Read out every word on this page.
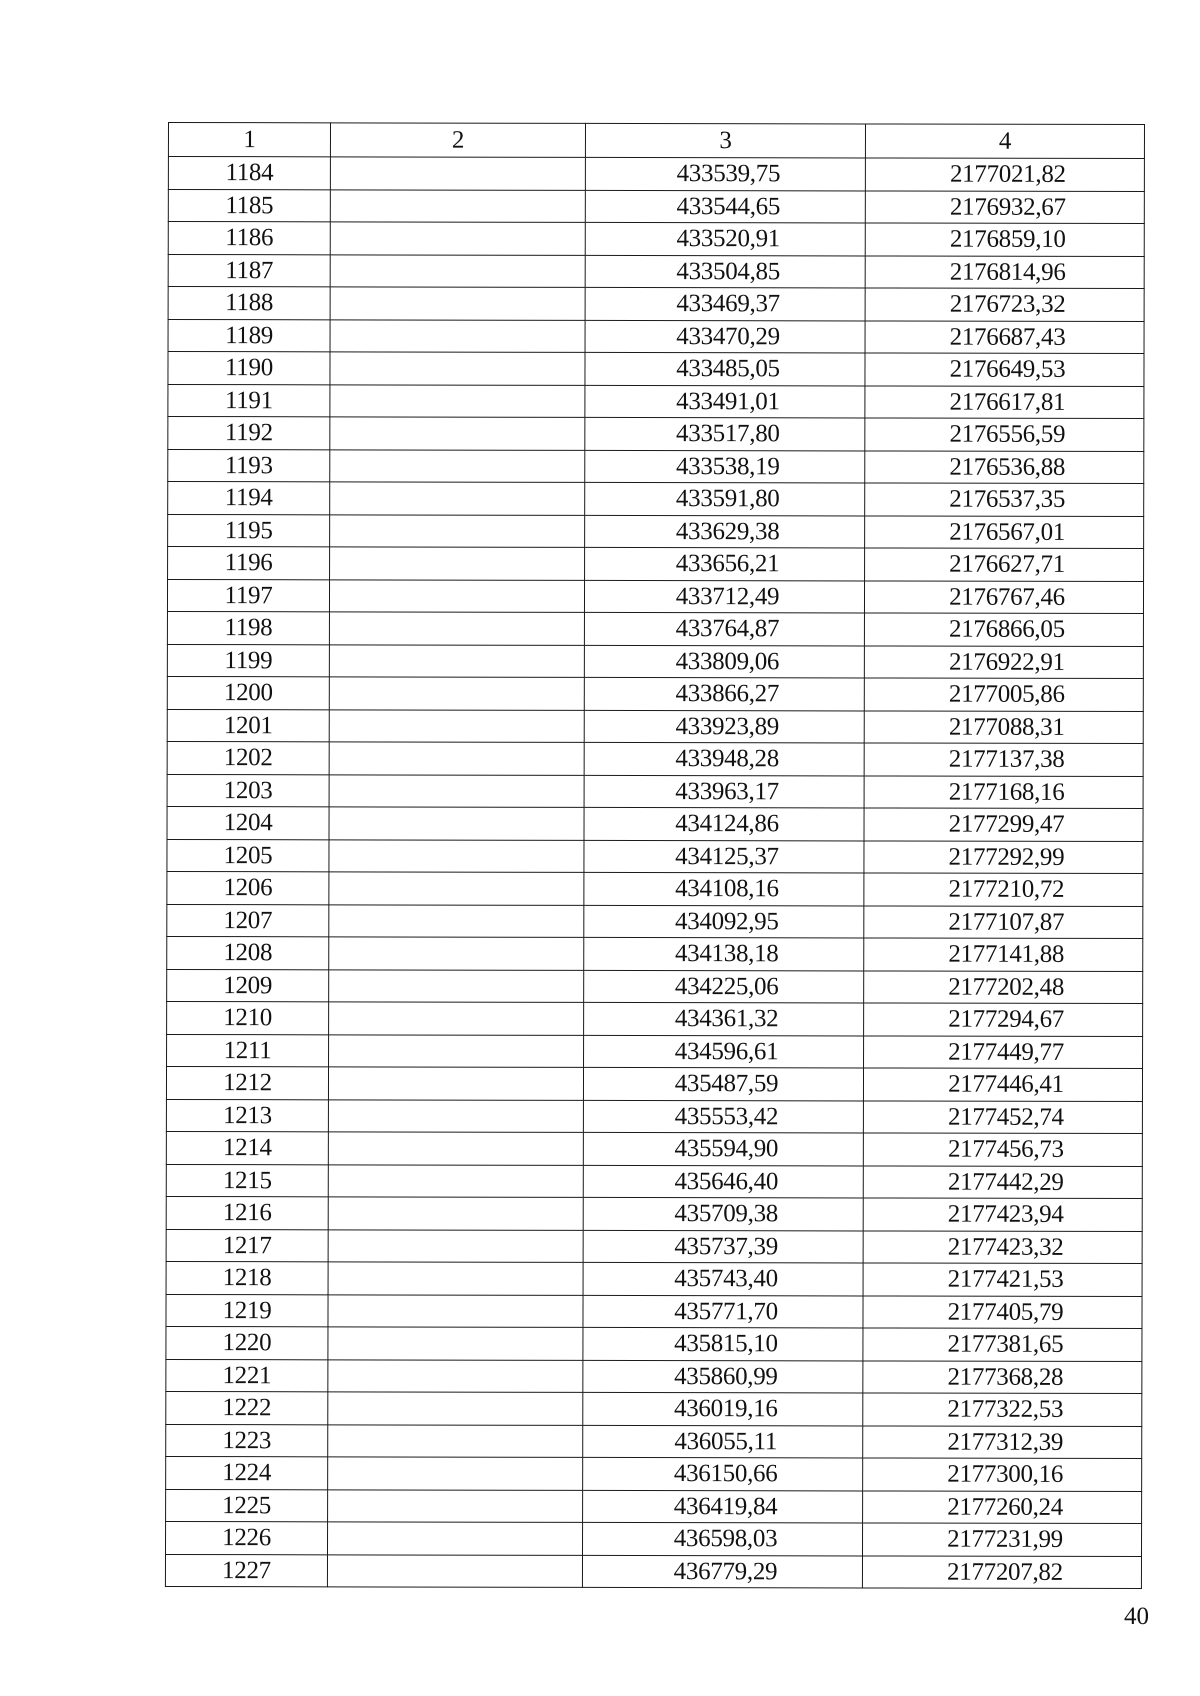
1	2	3	4
1184		433539,75	2177021,82
1185		433544,65	2176932,67
1186		433520,91	2176859,10
1187		433504,85	2176814,96
1188		433469,37	2176723,32
1189		433470,29	2176687,43
1190		433485,05	2176649,53
1191		433491,01	2176617,81
1192		433517,80	2176556,59
1193		433538,19	2176536,88
1194		433591,80	2176537,35
1195		433629,38	2176567,01
1196		433656,21	2176627,71
1197		433712,49	2176767,46
1198		433764,87	2176866,05
1199		433809,06	2176922,91
1200		433866,27	2177005,86
1201		433923,89	2177088,31
1202		433948,28	2177137,38
1203		433963,17	2177168,16
1204		434124,86	2177299,47
1205		434125,37	2177292,99
1206		434108,16	2177210,72
1207		434092,95	2177107,87
1208		434138,18	2177141,88
1209		434225,06	2177202,48
1210		434361,32	2177294,67
1211		434596,61	2177449,77
1212		435487,59	2177446,41
1213		435553,42	2177452,74
1214		435594,90	2177456,73
1215		435646,40	2177442,29
1216		435709,38	2177423,94
1217		435737,39	2177423,32
1218		435743,40	2177421,53
1219		435771,70	2177405,79
1220		435815,10	2177381,65
1221		435860,99	2177368,28
1222		436019,16	2177322,53
1223		436055,11	2177312,39
1224		436150,66	2177300,16
1225		436419,84	2177260,24
1226		436598,03	2177231,99
1227		436779,29	2177207,82
40
